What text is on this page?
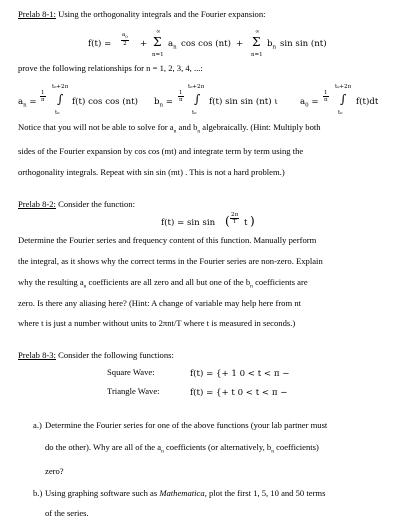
Prelab 8-1: Using the orthogonality integrals and the Fourier expansion:
$f(t) = \frac{a_0}{2}$ +
∞
Σ
n=1
$a_n$ cos cos (nt) +
∞
Σ
n=1
$b_n$ sin sin (nt)
prove the following relationships for n = 1, 2, 3, 4, ...:
$a_n = \frac{1}{\pi}$
t₀+2π
∫
t₀
f(t) cos cos (nt) $b_n = \frac{1}{\pi}$
t₀+2π
∫
t₀
f(t) sin sin (nt) ι	$a_0 = \frac{1}{\pi}$
t₀+2π
∫
t₀
f(t)dt
Notice that you will not be able to solve for $a_n$ and $b_n$ algebraically. (Hint: Multiply both
sides of the Fourier expansion by cos cos (mt) and integrate term by term using the
orthogonality integrals. Repeat with sin sin (mt) . This is not a hard problem.)
Prelab 8-2: Consider the function:
f(t) = sin sin ( $\frac{2\pi}{T}$ t )
Determine the Fourier series and frequency content of this function. Manually perform
the integral, as it shows why the correct terms in the Fourier series are non-zero. Explain
why the resulting $a_n$ coefficients are all zero and all but one of the $b_n$ coefficients are
zero. Is there any aliasing here? (Hint: A change of variable may help here from nt
where t is just a number without units to 2πnt/T where t is measured in seconds.)
Prelab 8-3: Consider the following functions:
Square Wave:	f(t) = {+ 1 0 < t < π −
Triangle Wave:	f(t) = {+ t 0 < t < π −
a.) Determine the Fourier series for one of the above functions (your lab partner must
do the other). Why are all of the $a_n$ coefficients (or alternatively, $b_n$ coefficients)
zero?
b.) Using graphing software such as Mathematica, plot the first 1, 5, 10 and 50 terms
of the series.
